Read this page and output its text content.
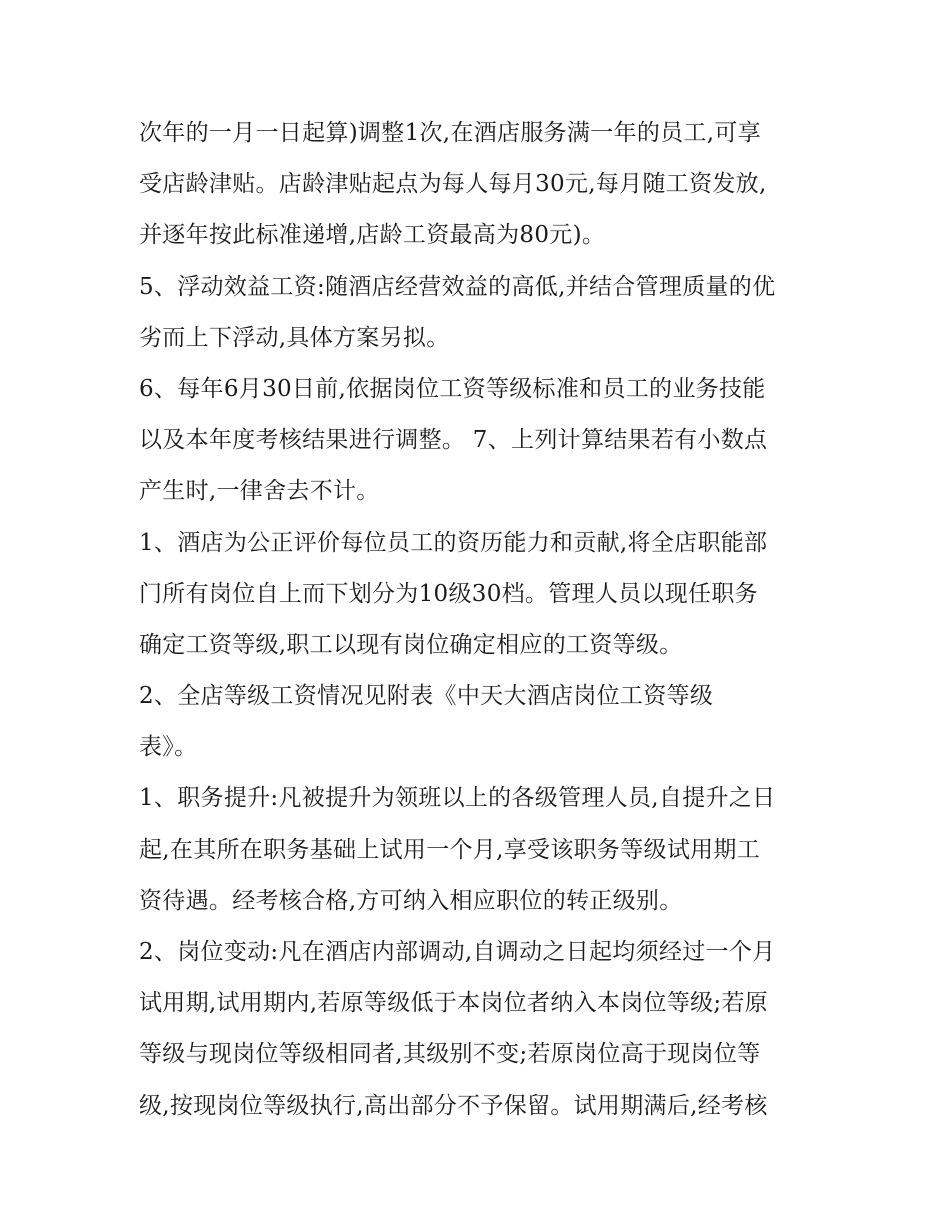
次年的一月一日起算)调整1次,在酒店服务满一年的员工,可享
受店龄津贴。店龄津贴起点为每人每月30元,每月随工资发放,
并逐年按此标准递增,店龄工资最高为80元)。
5、浮动效益工资:随酒店经营效益的高低,并结合管理质量的优
劣而上下浮动,具体方案另拟。
6、每年6月30日前,依据岗位工资等级标准和员工的业务技能
以及本年度考核结果进行调整。 7、上列计算结果若有小数点
产生时,一律舍去不计。
1、酒店为公正评价每位员工的资历能力和贡献,将全店职能部
门所有岗位自上而下划分为10级30档。管理人员以现任职务
确定工资等级,职工以现有岗位确定相应的工资等级。
2、全店等级工资情况见附表《中天大酒店岗位工资等级
表》。
1、职务提升:凡被提升为领班以上的各级管理人员,自提升之日
起,在其所在职务基础上试用一个月,享受该职务等级试用期工
资待遇。经考核合格,方可纳入相应职位的转正级别。
2、岗位变动:凡在酒店内部调动,自调动之日起均须经过一个月
试用期,试用期内,若原等级低于本岗位者纳入本岗位等级;若原
等级与现岗位等级相同者,其级别不变;若原岗位高于现岗位等
级,按现岗位等级执行,高出部分不予保留。试用期满后,经考核
